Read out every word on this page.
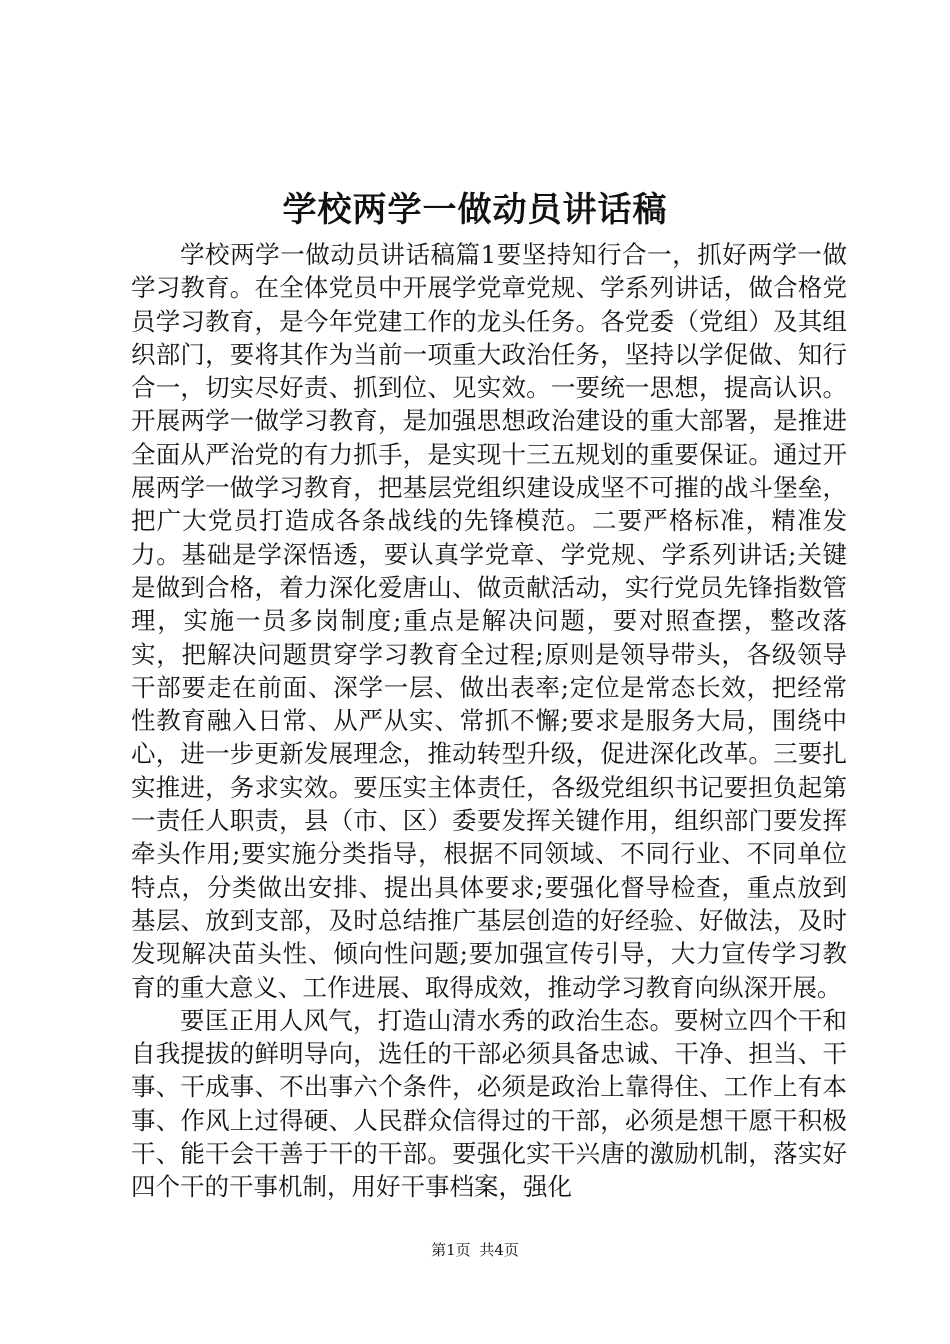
学校两学一做动员讲话稿

学校两学一做动员讲话稿篇1要坚持知行合一，抓好两学一做学习教育。在全体党员中开展学党章党规、学系列讲话，做合格党员学习教育，是今年党建工作的龙头任务。各党委（党组）及其组织部门，要将其作为当前一项重大政治任务，坚持以学促做、知行合一，切实尽好责、抓到位、见实效。一要统一思想，提高认识。开展两学一做学习教育，是加强思想政治建设的重大部署，是推进全面从严治党的有力抓手，是实现十三五规划的重要保证。通过开展两学一做学习教育，把基层党组织建设成坚不可摧的战斗堡垒，把广大党员打造成各条战线的先锋模范。二要严格标准，精准发力。基础是学深悟透，要认真学党章、学党规、学系列讲话;关键是做到合格，着力深化爱唐山、做贡献活动，实行党员先锋指数管理，实施一员多岗制度;重点是解决问题，要对照查摆，整改落实，把解决问题贯穿学习教育全过程;原则是领导带头，各级领导干部要走在前面、深学一层、做出表率;定位是常态长效，把经常性教育融入日常、从严从实、常抓不懈;要求是服务大局，围绕中心，进一步更新发展理念，推动转型升级，促进深化改革。三要扎实推进，务求实效。要压实主体责任，各级党组织书记要担负起第一责任人职责，县（市、区）委要发挥关键作用，组织部门要发挥牵头作用;要实施分类指导，根据不同领域、不同行业、不同单位特点，分类做出安排、提出具体要求;要强化督导检查，重点放到基层、放到支部，及时总结推广基层创造的好经验、好做法，及时发现解决苗头性、倾向性问题;要加强宣传引导，大力宣传学习教育的重大意义、工作进展、取得成效，推动学习教育向纵深开展。

要匡正用人风气，打造山清水秀的政治生态。要树立四个干和自我提拔的鲜明导向，选任的干部必须具备忠诚、干净、担当、干事、干成事、不出事六个条件，必须是政治上靠得住、工作上有本事、作风上过得硬、人民群众信得过的干部，必须是想干愿干积极干、能干会干善于干的干部。要强化实干兴唐的激励机制，落实好四个干的干事机制，用好干事档案，强化

第1页 共4页
